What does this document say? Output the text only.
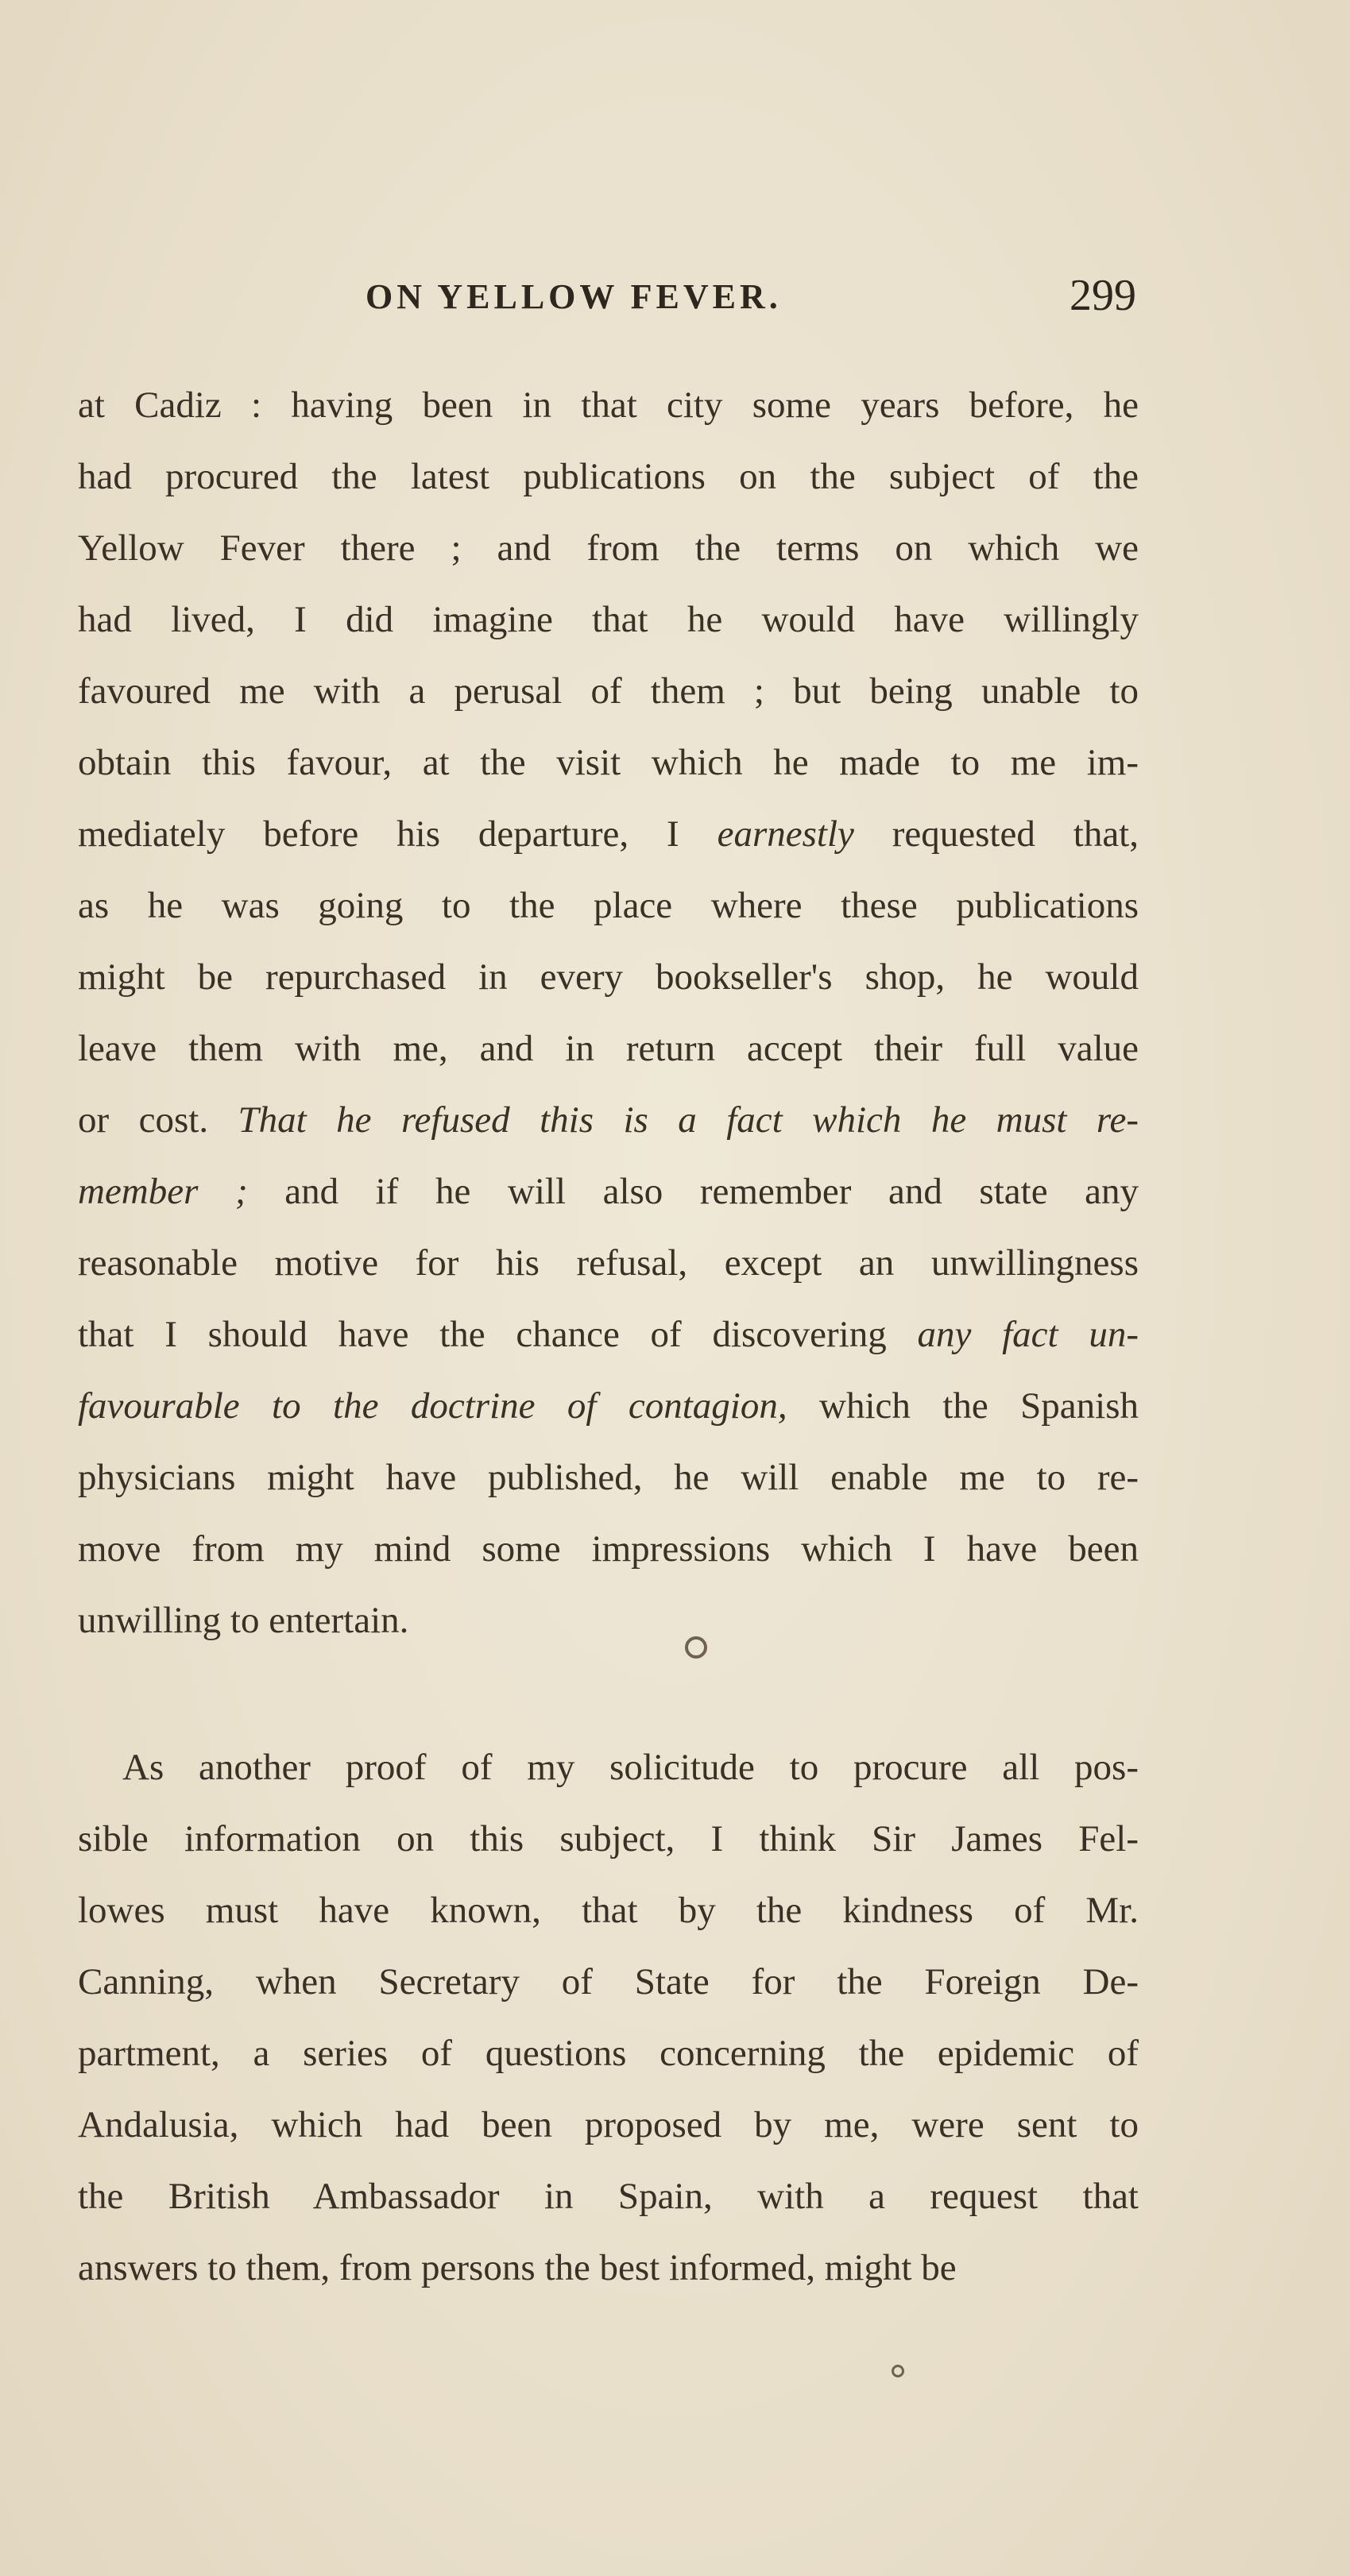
ON YELLOW FEVER.	299
at Cadiz : having been in that city some years before, he
had procured the latest publications on the subject of the
Yellow Fever there ; and from the terms on which we
had lived, I did imagine that he would have willingly
favoured me with a perusal of them ; but being unable to
obtain this favour, at the visit which he made to me im-
mediately before his departure, I earnestly requested that,
as he was going to the place where these publications
might be repurchased in every bookseller's shop, he would
leave them with me, and in return accept their full value
or cost. That he refused this is a fact which he must re-
member ; and if he will also remember and state any
reasonable motive for his refusal, except an unwillingness
that I should have the chance of discovering any fact un-
favourable to the doctrine of contagion, which the Spanish
physicians might have published, he will enable me to re-
move from my mind some impressions which I have been
unwilling to entertain.
As another proof of my solicitude to procure all pos-
sible information on this subject, I think Sir James Fel-
lowes must have known, that by the kindness of Mr.
Canning, when Secretary of State for the Foreign De-
partment, a series of questions concerning the epidemic of
Andalusia, which had been proposed by me, were sent to
the British Ambassador in Spain, with a request that
answers to them, from persons the best informed, might be
